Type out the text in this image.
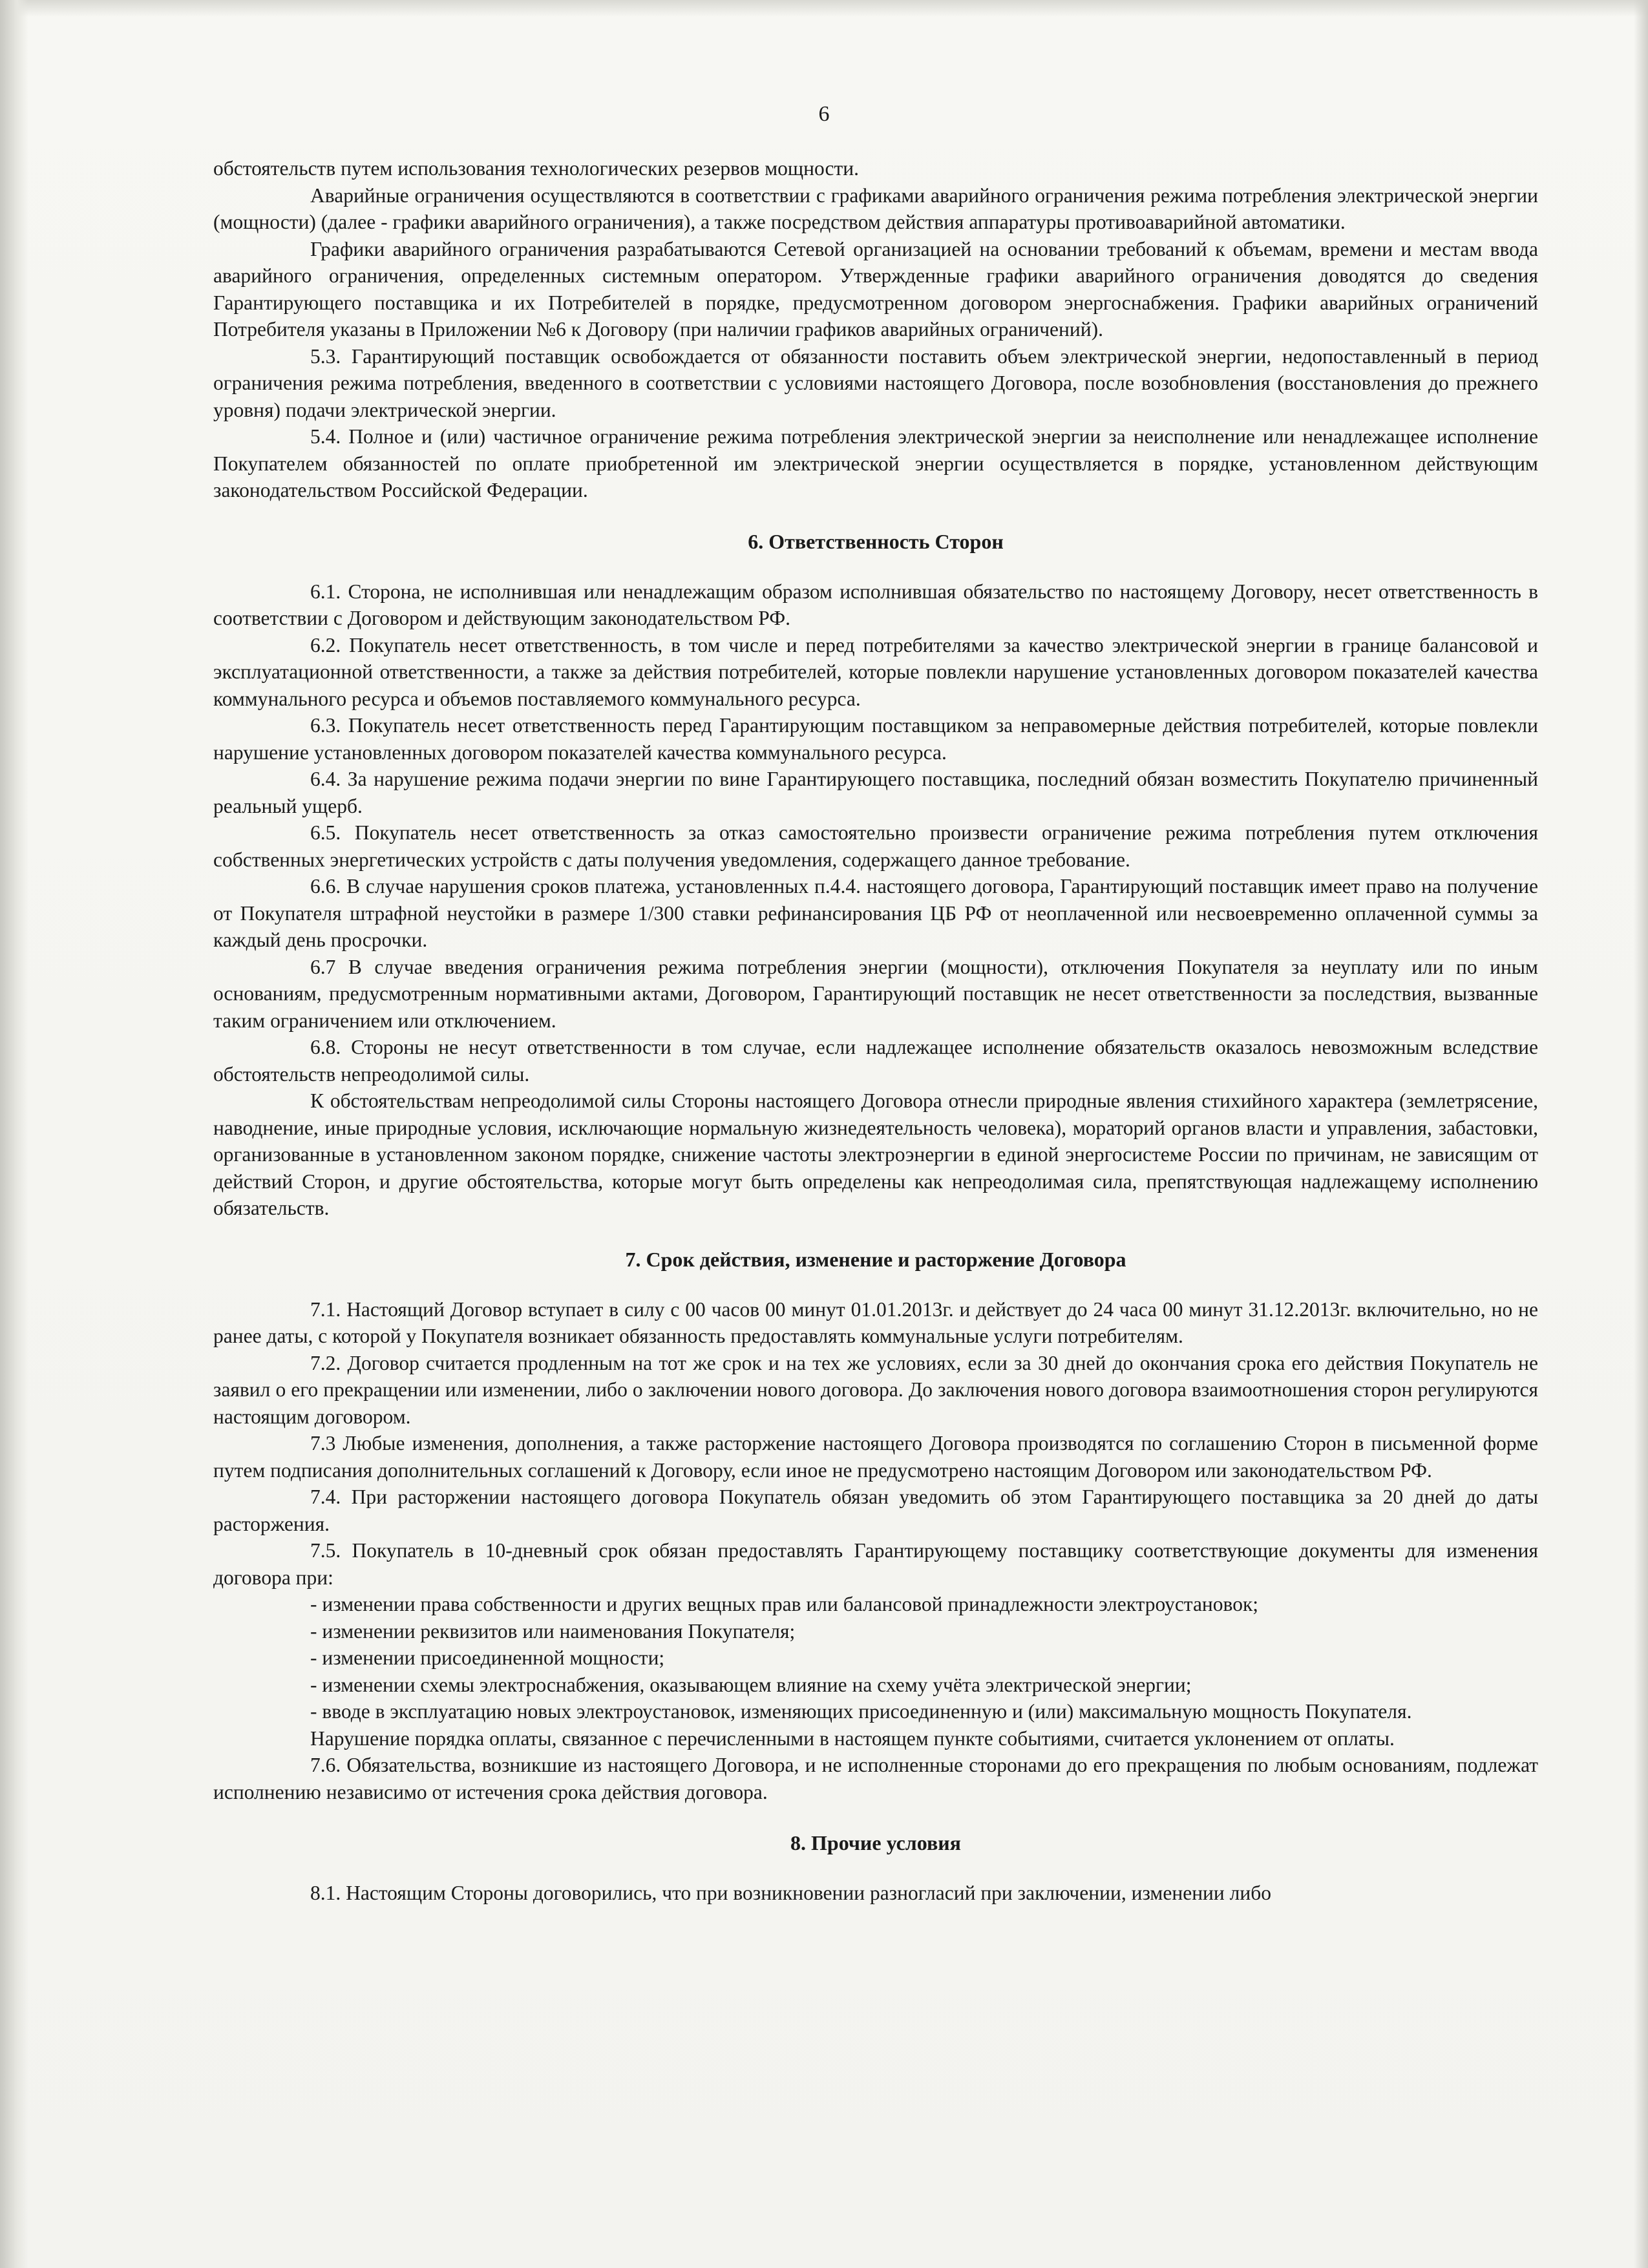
6

обстоятельств путем использования технологических резервов мощности.

Аварийные ограничения осуществляются в соответствии с графиками аварийного ограничения режима потребления электрической энергии (мощности) (далее - графики аварийного ограничения), а также посредством действия аппаратуры противоаварийной автоматики.

Графики аварийного ограничения разрабатываются Сетевой организацией на основании требований к объемам, времени и местам ввода аварийного ограничения, определенных системным оператором. Утвержденные графики аварийного ограничения доводятся до сведения Гарантирующего поставщика и их Потребителей в порядке, предусмотренном договором энергоснабжения. Графики аварийных ограничений Потребителя указаны в Приложении №6 к Договору (при наличии графиков аварийных ограничений).

5.3. Гарантирующий поставщик освобождается от обязанности поставить объем электрической энергии, недопоставленный в период ограничения режима потребления, введенного в соответствии с условиями настоящего Договора, после возобновления (восстановления до прежнего уровня) подачи электрической энергии.

5.4. Полное и (или) частичное ограничение режима потребления электрической энергии за неисполнение или ненадлежащее исполнение Покупателем обязанностей по оплате приобретенной им электрической энергии осуществляется в порядке, установленном действующим законодательством Российской Федерации.

6. Ответственность Сторон

6.1. Сторона, не исполнившая или ненадлежащим образом исполнившая обязательство по настоящему Договору, несет ответственность в соответствии с Договором и действующим законодательством РФ.

6.2. Покупатель несет ответственность, в том числе и перед потребителями за качество электрической энергии в границе балансовой и эксплуатационной ответственности, а также за действия потребителей, которые повлекли нарушение установленных договором показателей качества коммунального ресурса и объемов поставляемого коммунального ресурса.

6.3. Покупатель несет ответственность перед Гарантирующим поставщиком за неправомерные действия потребителей, которые повлекли нарушение установленных договором показателей качества коммунального ресурса.

6.4. За нарушение режима подачи энергии по вине Гарантирующего поставщика, последний обязан возместить Покупателю причиненный реальный ущерб.

6.5. Покупатель несет ответственность за отказ самостоятельно произвести ограничение режима потребления путем отключения собственных энергетических устройств с даты получения уведомления, содержащего данное требование.

6.6. В случае нарушения сроков платежа, установленных п.4.4. настоящего договора, Гарантирующий поставщик имеет право на получение от Покупателя штрафной неустойки в размере 1/300 ставки рефинансирования ЦБ РФ от неоплаченной или несвоевременно оплаченной суммы за каждый день просрочки.

6.7 В случае введения ограничения режима потребления энергии (мощности), отключения Покупателя за неуплату или по иным основаниям, предусмотренным нормативными актами, Договором, Гарантирующий поставщик не несет ответственности за последствия, вызванные таким ограничением или отключением.

6.8. Стороны не несут ответственности в том случае, если надлежащее исполнение обязательств оказалось невозможным вследствие обстоятельств непреодолимой силы.

К обстоятельствам непреодолимой силы Стороны настоящего Договора отнесли природные явления стихийного характера (землетрясение, наводнение, иные природные условия, исключающие нормальную жизнедеятельность человека), мораторий органов власти и управления, забастовки, организованные в установленном законом порядке, снижение частоты электроэнергии в единой энергосистеме России по причинам, не зависящим от действий Сторон, и другие обстоятельства, которые могут быть определены как непреодолимая сила, препятствующая надлежащему исполнению обязательств.

7. Срок действия, изменение и расторжение Договора

7.1. Настоящий Договор вступает в силу с 00 часов 00 минут 01.01.2013г. и действует до 24 часа 00 минут 31.12.2013г. включительно, но не ранее даты, с которой у Покупателя возникает обязанность предоставлять коммунальные услуги потребителям.

7.2. Договор считается продленным на тот же срок и на тех же условиях, если за 30 дней до окончания срока его действия Покупатель не заявил о его прекращении или изменении, либо о заключении нового договора. До заключения нового договора взаимоотношения сторон регулируются настоящим договором.

7.3 Любые изменения, дополнения, а также расторжение настоящего Договора производятся по соглашению Сторон в письменной форме путем подписания дополнительных соглашений к Договору, если иное не предусмотрено настоящим Договором или законодательством РФ.

7.4. При расторжении настоящего договора Покупатель обязан уведомить об этом Гарантирующего поставщика за 20 дней до даты расторжения.

7.5. Покупатель в 10-дневный срок обязан предоставлять Гарантирующему поставщику соответствующие документы для изменения договора при:

- изменении права собственности и других вещных прав или балансовой принадлежности электроустановок;
- изменении реквизитов или наименования Покупателя;
- изменении присоединенной мощности;
- изменении схемы электроснабжения, оказывающем влияние на схему учёта электрической энергии;
- вводе в эксплуатацию новых электроустановок, изменяющих присоединенную и (или) максимальную мощность Покупателя.

Нарушение порядка оплаты, связанное с перечисленными в настоящем пункте событиями, считается уклонением от оплаты.

7.6. Обязательства, возникшие из настоящего Договора, и не исполненные сторонами до его прекращения по любым основаниям, подлежат исполнению независимо от истечения срока действия договора.

8. Прочие условия

8.1. Настоящим Стороны договорились, что при возникновении разногласий при заключении, изменении либо
